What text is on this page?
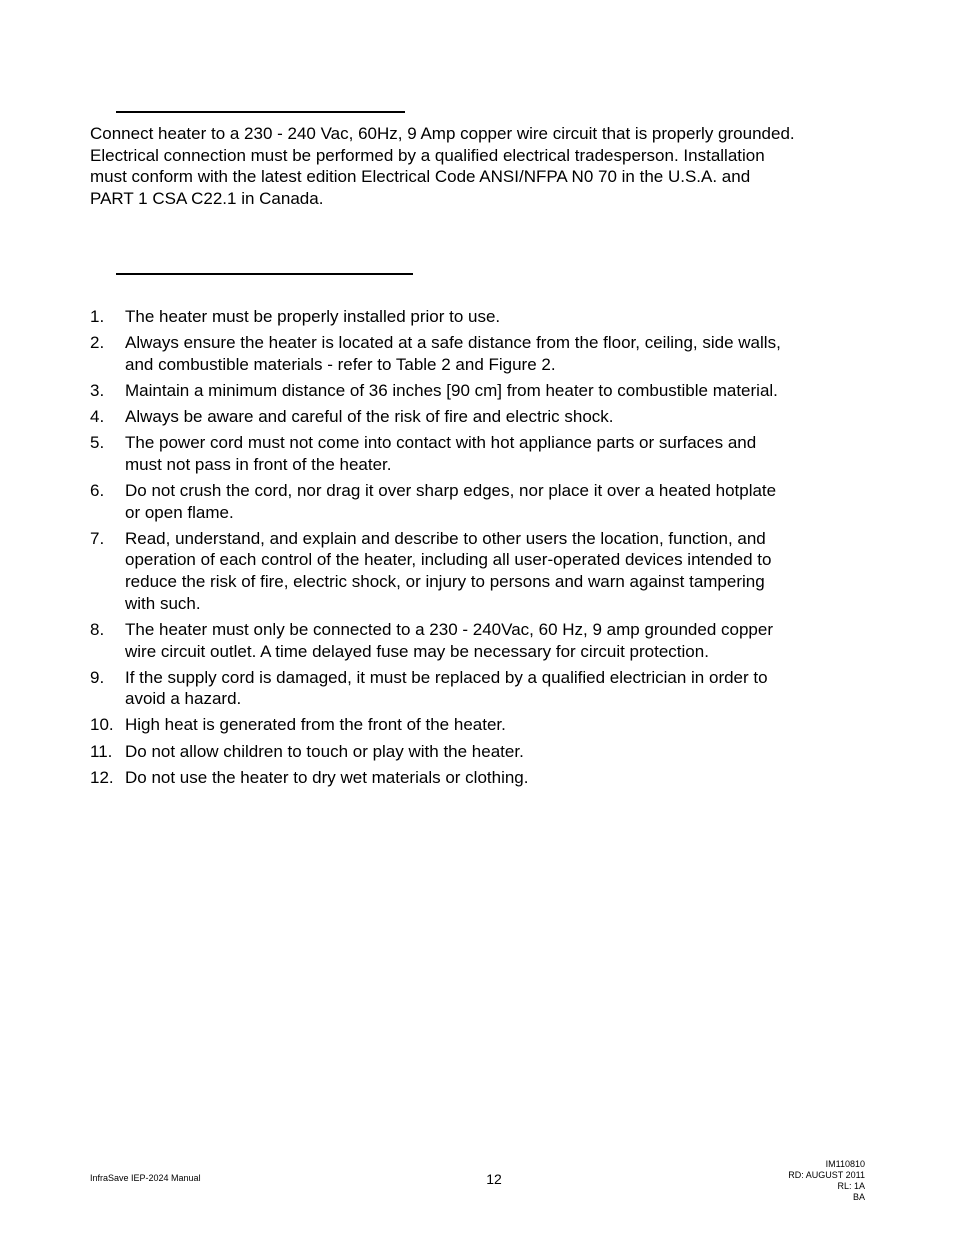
Connect heater to a 230 - 240 Vac, 60Hz, 9 Amp copper wire circuit that is properly grounded.
Electrical connection must be performed by a qualified electrical tradesperson. Installation
must conform with the latest edition Electrical Code ANSI/NFPA N0 70 in the U.S.A. and
PART 1 CSA C22.1 in Canada.
1. The heater must be properly installed prior to use.
2. Always ensure the heater is located at a safe distance from the floor, ceiling, side walls,
and combustible materials - refer to Table 2 and Figure 2.
3. Maintain a minimum distance of 36 inches [90 cm] from heater to combustible material.
4. Always be aware and careful of the risk of fire and electric shock.
5. The power cord must not come into contact with hot appliance parts or surfaces and
must not pass in front of the heater.
6. Do not crush the cord, nor drag it over sharp edges, nor place it over a heated hotplate
or open flame.
7. Read, understand, and explain and describe to other users the location, function, and
operation of each control of the heater, including all user-operated devices intended to
reduce the risk of fire, electric shock, or injury to persons and warn against tampering
with such.
8. The heater must only be connected to a 230 - 240Vac, 60 Hz, 9 amp grounded copper
wire circuit outlet. A time delayed fuse may be necessary for circuit protection.
9. If the supply cord is damaged, it must be replaced by a qualified electrician in order to
avoid a hazard.
10. High heat is generated from the front of the heater.
11. Do not allow children to touch or play with the heater.
12. Do not use the heater to dry wet materials or clothing.
InfraSave IEP-2024 Manual	12
IM110810
RD: AUGUST 2011
RL: 1A
BA
